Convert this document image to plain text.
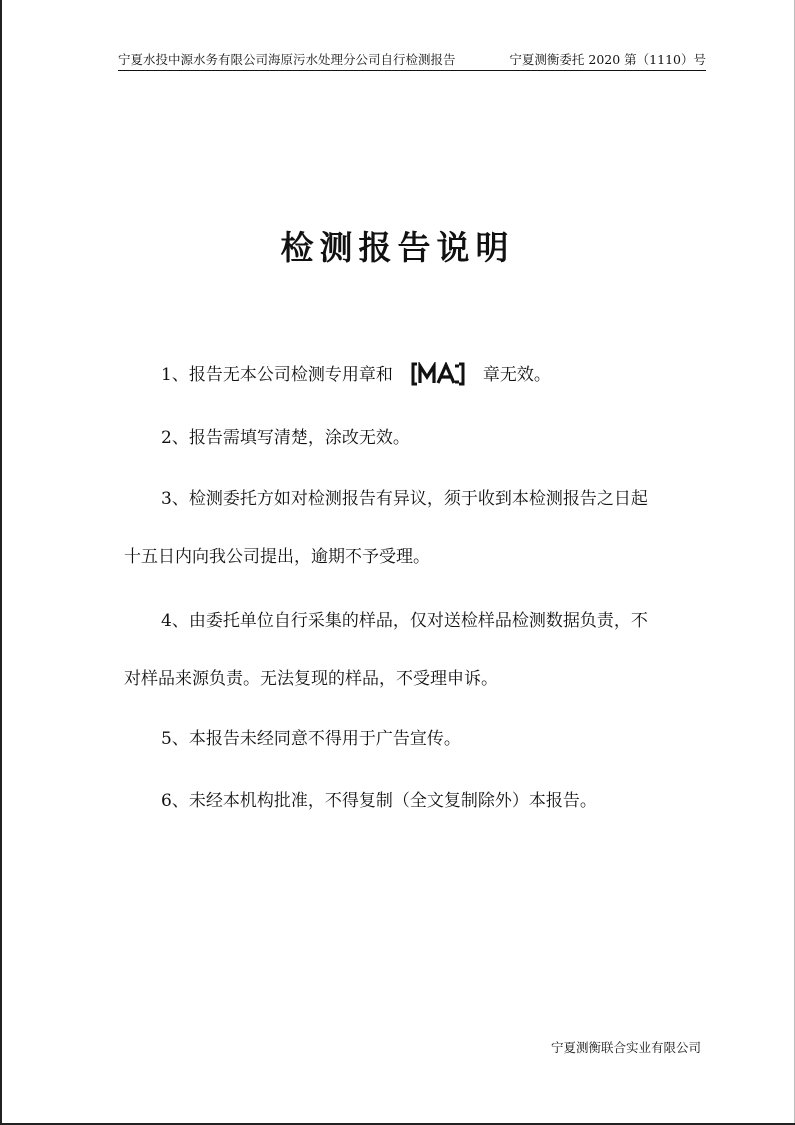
宁夏水投中源水务有限公司海原污水处理分公司自行检测报告	宁夏测衡委托 2020 第（1110）号
检测报告说明
1、报告无本公司检测专用章和	章无效。
2、报告需填写清楚，涂改无效。
3、检测委托方如对检测报告有异议，须于收到本检测报告之日起
十五日内向我公司提出，逾期不予受理。
4、由委托单位自行采集的样品，仅对送检样品检测数据负责，不
对样品来源负责。无法复现的样品，不受理申诉。
5、本报告未经同意不得用于广告宣传。
6、未经本机构批准，不得复制（全文复制除外）本报告。
宁夏测衡联合实业有限公司
